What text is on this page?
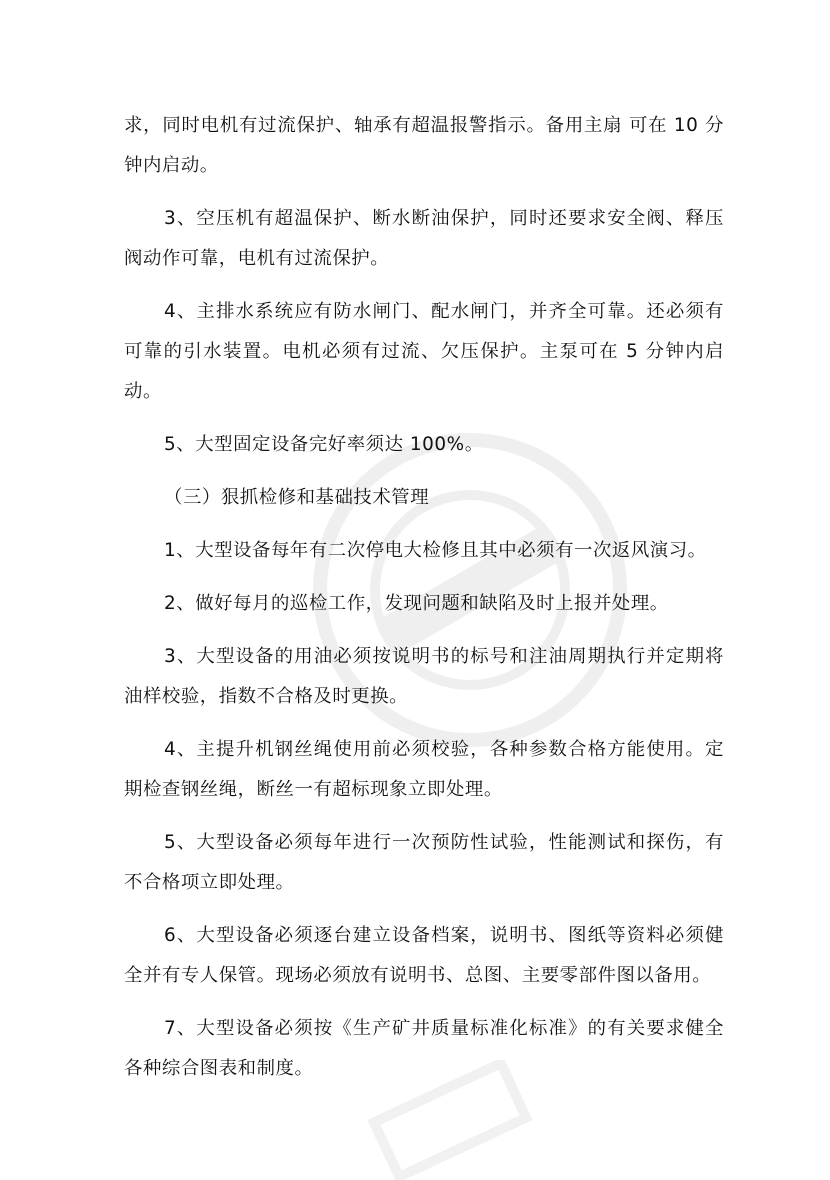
求，同时电机有过流保护、轴承有超温报警指示。备用主扇 可在 10 分钟内启动。

3、空压机有超温保护、断水断油保护，同时还要求安全阀、释压阀动作可靠，电机有过流保护。

4、主排水系统应有防水闸门、配水闸门，并齐全可靠。还必须有可靠的引水装置。电机必须有过流、欠压保护。主泵可在 5 分钟内启动。

5、大型固定设备完好率须达 100%。

（三）狠抓检修和基础技术管理

1、大型设备每年有二次停电大检修且其中必须有一次返风演习。

2、做好每月的巡检工作，发现问题和缺陷及时上报并处理。

3、大型设备的用油必须按说明书的标号和注油周期执行并定期将油样校验，指数不合格及时更换。

4、主提升机钢丝绳使用前必须校验，各种参数合格方能使用。定期检查钢丝绳，断丝一有超标现象立即处理。

5、大型设备必须每年进行一次预防性试验，性能测试和探伤，有不合格项立即处理。

6、大型设备必须逐台建立设备档案，说明书、图纸等资料必须健全并有专人保管。现场必须放有说明书、总图、主要零部件图以备用。

7、大型设备必须按《生产矿井质量标准化标准》的有关要求健全各种综合图表和制度。
